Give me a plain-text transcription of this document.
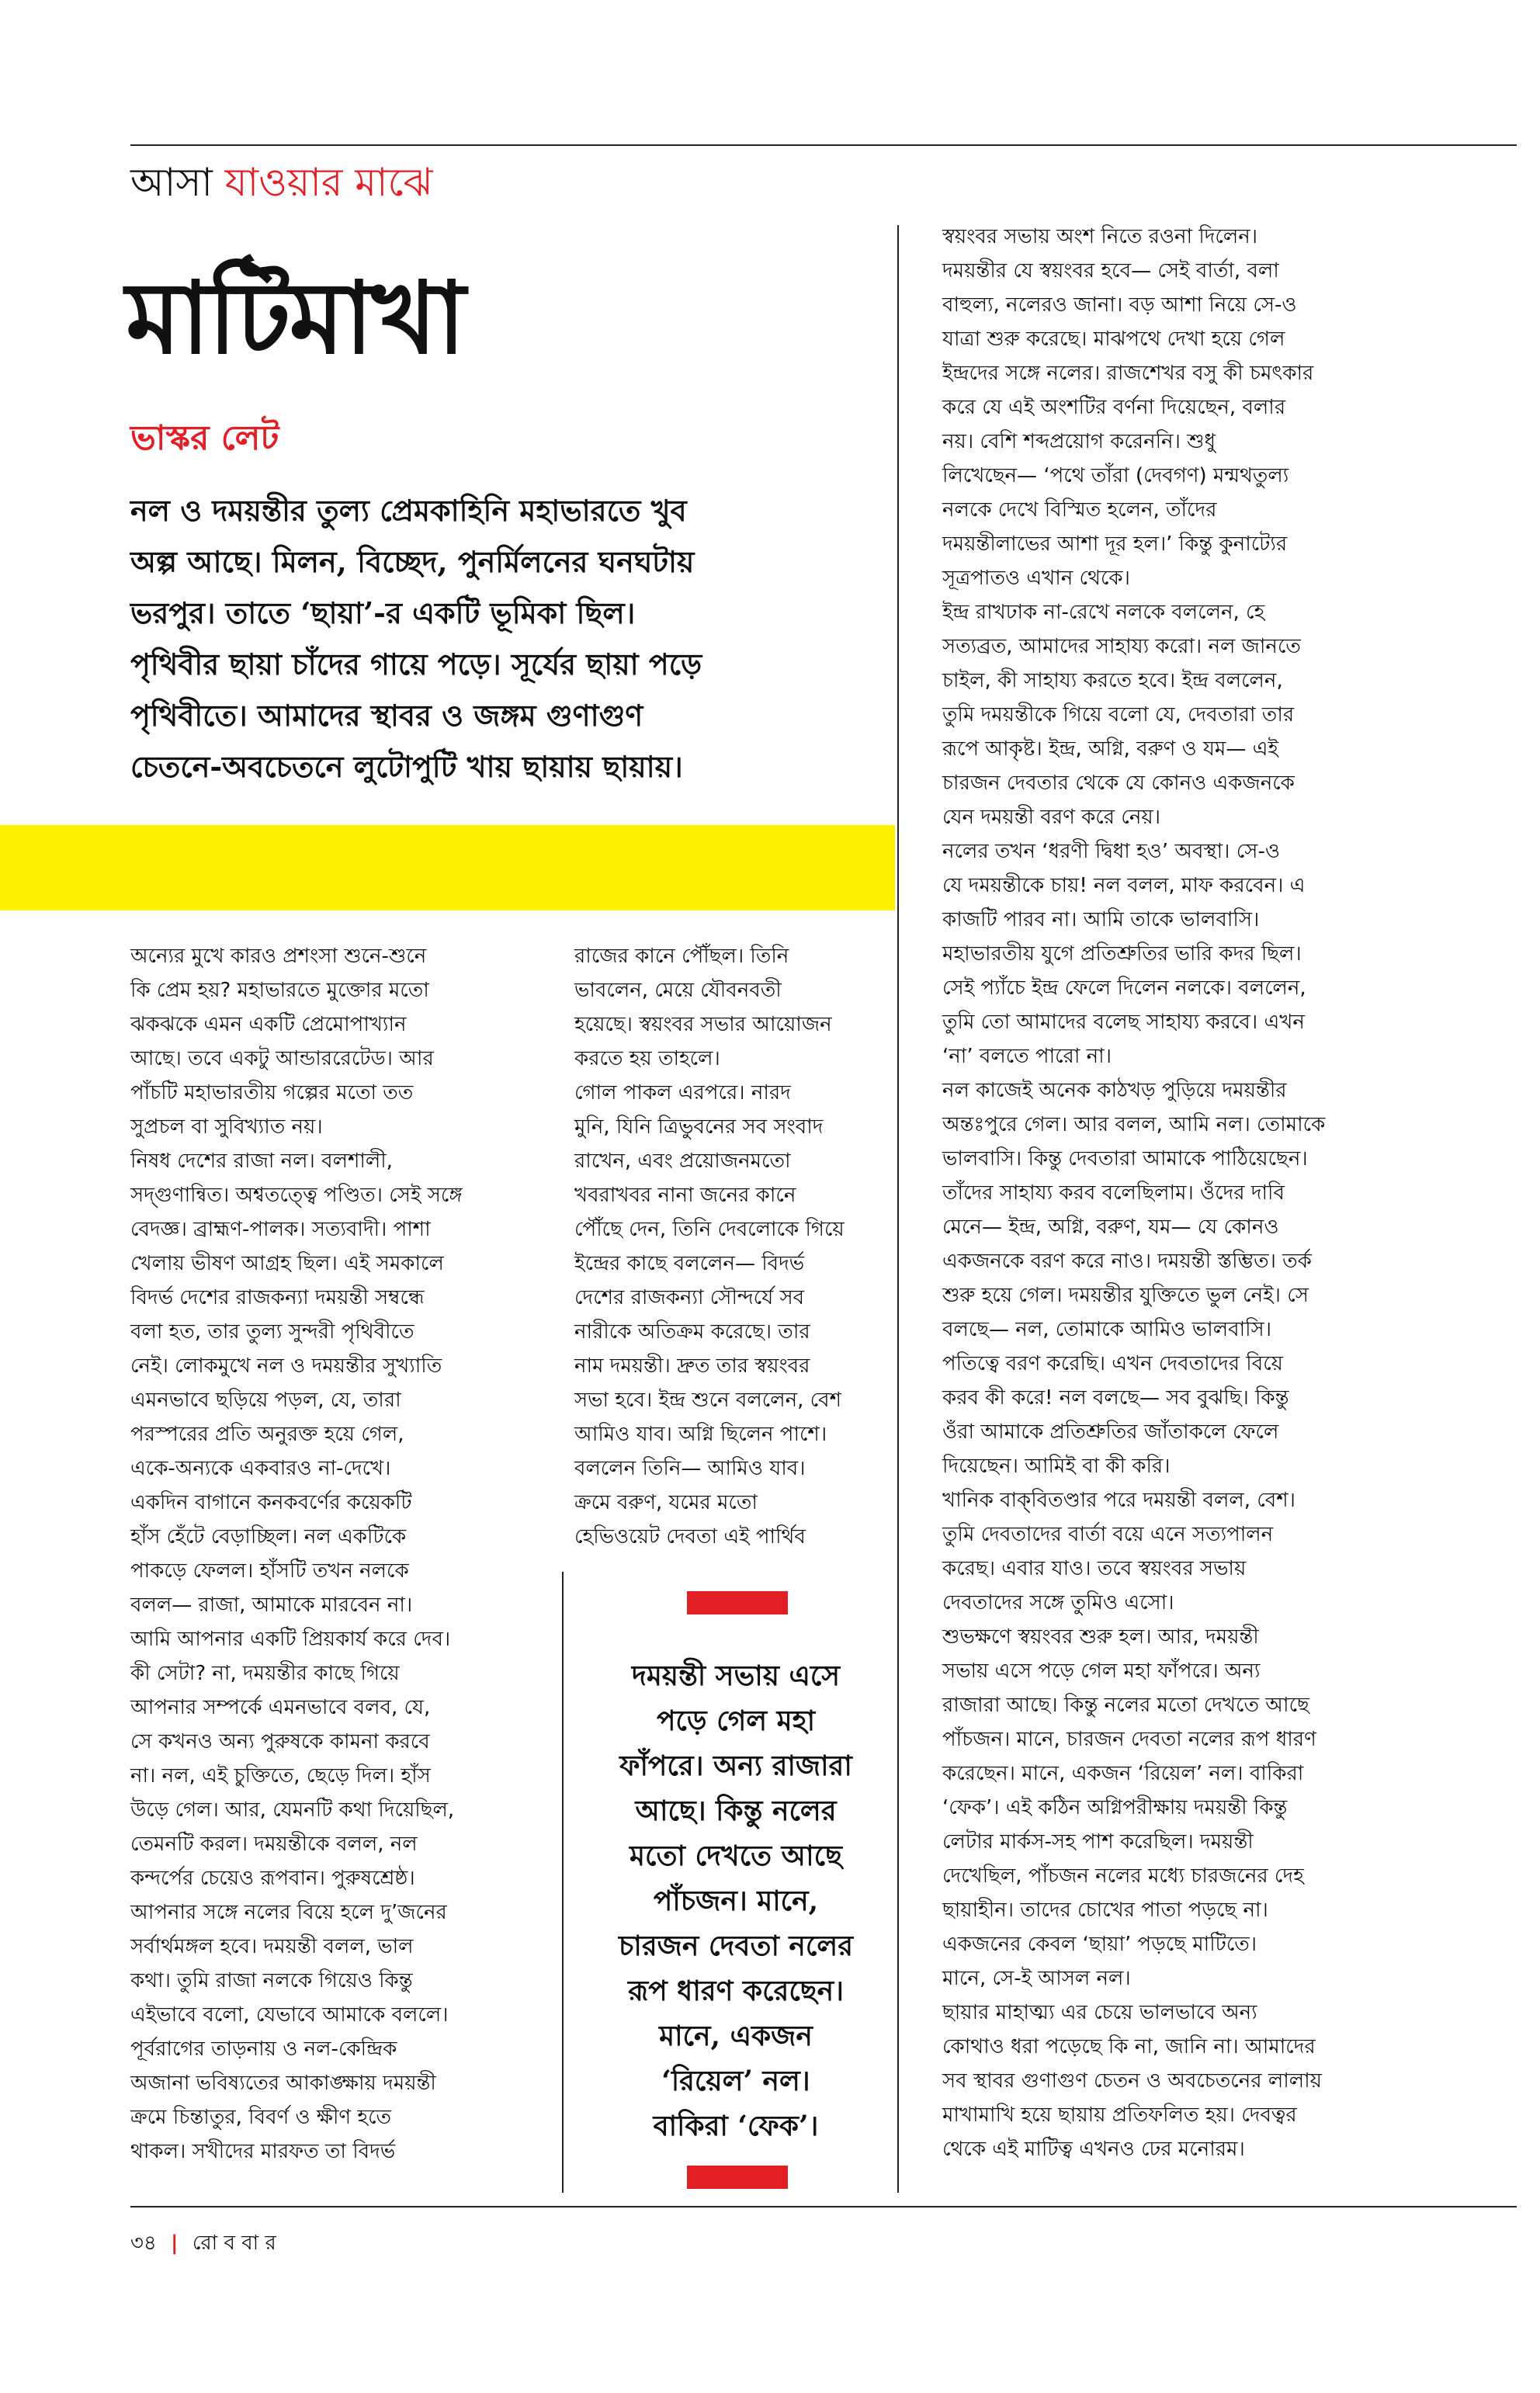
আসা যাওয়ার মাঝে
মাটিমাখা
ভাস্কর লেট

নল ও দময়ন্তীর তুল্য প্রেমকাহিনি মহাভারতে খুব

অল্প আছে। মিলন, বিচ্ছেদ, পুনর্মিলনের ঘনঘটায়

ভরপুর। তাতে ‘ছায়া’-র একটি ভূমিকা ছিল।

পৃথিবীর ছায়া চাঁদের গায়ে পড়ে। সূর্যের ছায়া পড়ে

পৃথিবীতে। আমাদের স্থাবর ও জঙ্গম গুণাগুণ

চেতনে-অবচেতনে লুটোপুটি খায় ছায়ায় ছায়ায়।

অন্যের মুখে কারও প্রশংসা শুনে-শুনে

কি প্রেম হয়? মহাভারতে মুক্তোর মতো

ঝকঝকে এমন একটি প্রেমোপাখ্যান

আছে। তবে একটু আন্ডাররেটেড। আর

পাঁচটি মহাভারতীয় গল্পের মতো তত

সুপ্রচল বা সুবিখ্যাত নয়।

নিষধ দেশের রাজা নল। বলশালী,

সদ্গুণান্বিত। অশ্বতত্ত্বে পণ্ডিত। সেই সঙ্গে

বেদজ্ঞ। ব্রাহ্মণ-পালক। সত্যবাদী। পাশা

খেলায় ভীষণ আগ্রহ ছিল। এই সমকালে

বিদর্ভ দেশের রাজকন্যা দময়ন্তী সম্বন্ধে

বলা হত, তার তুল্য সুন্দরী পৃথিবীতে

নেই। লোকমুখে নল ও দময়ন্তীর সুখ্যাতি

এমনভাবে ছড়িয়ে পড়ল, যে, তারা

পরস্পরের প্রতি অনুরক্ত হয়ে গেল,

একে-অন্যকে একবারও না-দেখে।

একদিন বাগানে কনকবর্ণের কয়েকটি

হাঁস হেঁটে বেড়াচ্ছিল। নল একটিকে

পাকড়ে ফেলল। হাঁসটি তখন নলকে

বলল— রাজা, আমাকে মারবেন না।

আমি আপনার একটি প্রিয়কার্য করে দেব।

কী সেটা? না, দময়ন্তীর কাছে গিয়ে

আপনার সম্পর্কে এমনভাবে বলব, যে,

সে কখনও অন্য পুরুষকে কামনা করবে

না। নল, এই চুক্তিতে, ছেড়ে দিল। হাঁস

উড়ে গেল। আর, যেমনটি কথা দিয়েছিল,

তেমনটি করল। দময়ন্তীকে বলল, নল

কন্দর্পের চেয়েও রূপবান। পুরুষশ্রেষ্ঠ।

আপনার সঙ্গে নলের বিয়ে হলে দু’জনের

সর্বার্থমঙ্গল হবে। দময়ন্তী বলল, ভাল

কথা। তুমি রাজা নলকে গিয়েও কিন্তু

এইভাবে বলো, যেভাবে আমাকে বললে।

পূর্বরাগের তাড়নায় ও নল-কেন্দ্রিক

অজানা ভবিষ্যতের আকাঙ্ক্ষায় দময়ন্তী

ক্রমে চিন্তাতুর, বিবর্ণ ও ক্ষীণ হতে

থাকল। সখীদের মারফত তা বিদর্ভ

রাজের কানে পৌঁছল। তিনি

ভাবলেন, মেয়ে যৌবনবতী

হয়েছে। স্বয়ংবর সভার আয়োজন

করতে হয় তাহলে।

গোল পাকল এরপরে। নারদ

মুনি, যিনি ত্রিভুবনের সব সংবাদ

রাখেন, এবং প্রয়োজনমতো

খবরাখবর নানা জনের কানে

পৌঁছে দেন, তিনি দেবলোকে গিয়ে

ইন্দ্রের কাছে বললেন— বিদর্ভ

দেশের রাজকন্যা সৌন্দর্যে সব

নারীকে অতিক্রম করেছে। তার

নাম দময়ন্তী। দ্রুত তার স্বয়ংবর

সভা হবে। ইন্দ্র শুনে বললেন, বেশ

আমিও যাব। অগ্নি ছিলেন পাশে।

বললেন তিনি— আমিও যাব।

ক্রমে বরুণ, যমের মতো

হেভিওয়েট দেবতা এই পার্থিব

স্বয়ংবর সভায় অংশ নিতে রওনা দিলেন।

দময়ন্তীর যে স্বয়ংবর হবে— সেই বার্তা, বলা

বাহুল্য, নলেরও জানা। বড় আশা নিয়ে সে-ও

যাত্রা শুরু করেছে। মাঝপথে দেখা হয়ে গেল

ইন্দ্রদের সঙ্গে নলের। রাজশেখর বসু কী চমৎকার

করে যে এই অংশটির বর্ণনা দিয়েছেন, বলার

নয়। বেশি শব্দপ্রয়োগ করেননি। শুধু

লিখেছেন— ‘পথে তাঁরা (দেবগণ) মন্মথতুল্য

নলকে দেখে বিস্মিত হলেন, তাঁদের

দময়ন্তীলাভের আশা দূর হল।’ কিন্তু কুনাট্যের

সূত্রপাতও এখান থেকে।

ইন্দ্র রাখঢাক না-রেখে নলকে বললেন, হে

সত্যব্রত, আমাদের সাহায্য করো। নল জানতে

চাইল, কী সাহায্য করতে হবে। ইন্দ্র বললেন,

তুমি দময়ন্তীকে গিয়ে বলো যে, দেবতারা তার

রূপে আকৃষ্ট। ইন্দ্র, অগ্নি, বরুণ ও যম— এই

চারজন দেবতার থেকে যে কোনও একজনকে

যেন দময়ন্তী বরণ করে নেয়।

নলের তখন ‘ধরণী দ্বিধা হও’ অবস্থা। সে-ও

যে দময়ন্তীকে চায়! নল বলল, মাফ করবেন। এ

কাজটি পারব না। আমি তাকে ভালবাসি।

মহাভারতীয় যুগে প্রতিশ্রুতির ভারি কদর ছিল।

সেই প্যাঁচে ইন্দ্র ফেলে দিলেন নলকে। বললেন,

তুমি তো আমাদের বলেছ সাহায্য করবে। এখন

‘না’ বলতে পারো না।

নল কাজেই অনেক কাঠখড় পুড়িয়ে দময়ন্তীর

অন্তঃপুরে গেল। আর বলল, আমি নল। তোমাকে

ভালবাসি। কিন্তু দেবতারা আমাকে পাঠিয়েছেন।

তাঁদের সাহায্য করব বলেছিলাম। ওঁদের দাবি

মেনে— ইন্দ্র, অগ্নি, বরুণ, যম— যে কোনও

একজনকে বরণ করে নাও। দময়ন্তী স্তম্ভিত। তর্ক

শুরু হয়ে গেল। দময়ন্তীর যুক্তিতে ভুল নেই। সে

বলছে— নল, তোমাকে আমিও ভালবাসি।

পতিত্বে বরণ করেছি। এখন দেবতাদের বিয়ে

করব কী করে! নল বলছে— সব বুঝছি। কিন্তু

ওঁরা আমাকে প্রতিশ্রুতির জাঁতাকলে ফেলে

দিয়েছেন। আমিই বা কী করি।

খানিক বাক্‌বিতণ্ডার পরে দময়ন্তী বলল, বেশ।

তুমি দেবতাদের বার্তা বয়ে এনে সত্যপালন

করেছ। এবার যাও। তবে স্বয়ংবর সভায়

দেবতাদের সঙ্গে তুমিও এসো।

শুভক্ষণে স্বয়ংবর শুরু হল। আর, দময়ন্তী

সভায় এসে পড়ে গেল মহা ফাঁপরে। অন্য

রাজারা আছে। কিন্তু নলের মতো দেখতে আছে

পাঁচজন। মানে, চারজন দেবতা নলের রূপ ধারণ

করেছেন। মানে, একজন ‘রিয়েল’ নল। বাকিরা

‘ফেক’। এই কঠিন অগ্নিপরীক্ষায় দময়ন্তী কিন্তু

লেটার মার্কস-সহ পাশ করেছিল। দময়ন্তী

দেখেছিল, পাঁচজন নলের মধ্যে চারজনের দেহ

ছায়াহীন। তাদের চোখের পাতা পড়ছে না।

একজনের কেবল ‘ছায়া’ পড়ছে মাটিতে।

মানে, সে-ই আসল নল।

ছায়ার মাহাত্ম্য এর চেয়ে ভালভাবে অন্য

কোথাও ধরা পড়েছে কি না, জানি না। আমাদের

সব স্থাবর গুণাগুণ চেতন ও অবচেতনের লালায়

মাখামাখি হয়ে ছায়ায় প্রতিফলিত হয়। দেবত্বর

থেকে এই মাটিত্ব এখনও ঢের মনোরম।

দময়ন্তী সভায় এসে

পড়ে গেল মহা

ফাঁপরে। অন্য রাজারা

আছে। কিন্তু নলের

মতো দেখতে আছে

পাঁচজন। মানে,

চারজন দেবতা নলের

রূপ ধারণ করেছেন।

মানে, একজন

‘রিয়েল’ নল।

বাকিরা ‘ফেক’।

৩৪ | রো ব বা র
